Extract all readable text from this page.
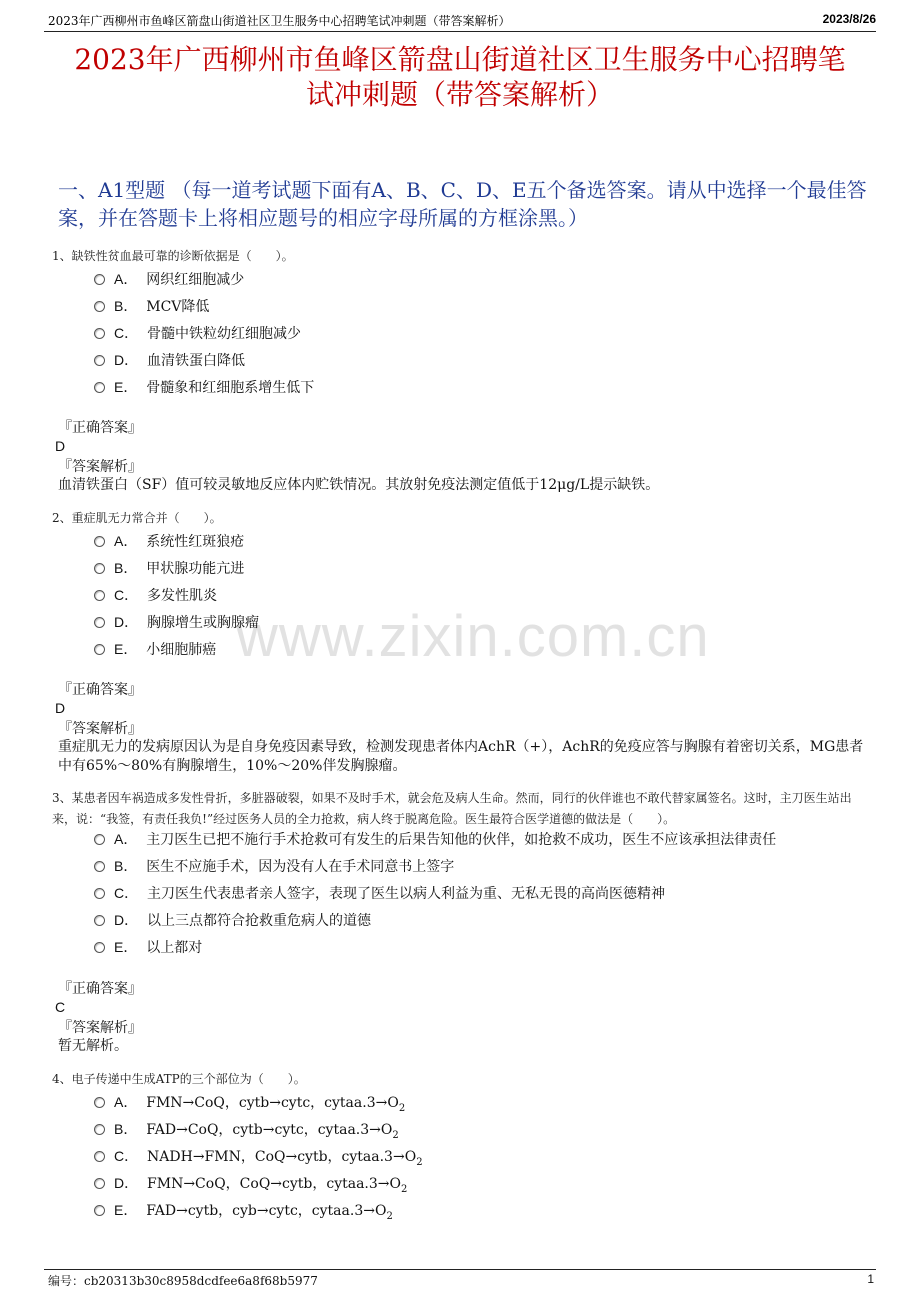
2023年广西柳州市鱼峰区箭盘山街道社区卫生服务中心招聘笔试冲刺题（带答案解析）	2023/8/26
2023年广西柳州市鱼峰区箭盘山街道社区卫生服务中心招聘笔
试冲刺题（带答案解析）
一、A1型题 （每一道考试题下面有A、B、C、D、E五个备选答案。请从中选择一个最佳答案，并在答题卡上将相应题号的相应字母所属的方框涂黑。）
www.zixin.com.cn
1、缺铁性贫血最可靠的诊断依据是（　　）。
A． 网织红细胞减少
B． MCV降低
C． 骨髓中铁粒幼红细胞减少
D． 血清铁蛋白降低
E． 骨髓象和红细胞系增生低下
『正确答案』
D
『答案解析』
血清铁蛋白（SF）值可较灵敏地反应体内贮铁情况。其放射免疫法测定值低于12μg/L提示缺铁。
2、重症肌无力常合并（　　）。
A． 系统性红斑狼疮
B． 甲状腺功能亢进
C． 多发性肌炎
D． 胸腺增生或胸腺瘤
E． 小细胞肺癌
『正确答案』
D
『答案解析』
重症肌无力的发病原因认为是自身免疫因素导致，检测发现患者体内AchR（+），AchR的免疫应答与胸腺有着密切关系，MG患者中有65%～80%有胸腺增生，10%～20%伴发胸腺瘤。
3、某患者因车祸造成多发性骨折，多脏器破裂，如果不及时手术，就会危及病人生命。然而，同行的伙伴谁也不敢代替家属签名。这时，主刀医生站出来，说：“我签，有责任我负!”经过医务人员的全力抢救，病人终于脱离危险。医生最符合医学道德的做法是（　　）。
A． 主刀医生已把不施行手术抢救可有发生的后果告知他的伙伴，如抢救不成功，医生不应该承担法律责任
B． 医生不应施手术，因为没有人在手术同意书上签字
C． 主刀医生代表患者亲人签字，表现了医生以病人利益为重、无私无畏的高尚医德精神
D． 以上三点都符合抢救重危病人的道德
E． 以上都对
『正确答案』
C
『答案解析』
暂无解析。
4、电子传递中生成ATP的三个部位为（　　）。
A． FMN→CoQ，cytb→cytc，$cytaa.3\to O_2$
B． FAD→CoQ，cytb→cytc，$cytaa.3\to O_2$
C． NADH→FMN，CoQ→cytb，$cytaa.3\to O_2$
D． FMN→CoQ，CoQ→cytb，$cytaa.3\to O_2$
E． FAD→cytb，cyb→cytc，$cytaa.3\to O_2$
编号：cb20313b30c8958dcdfee6a8f68b5977	1
